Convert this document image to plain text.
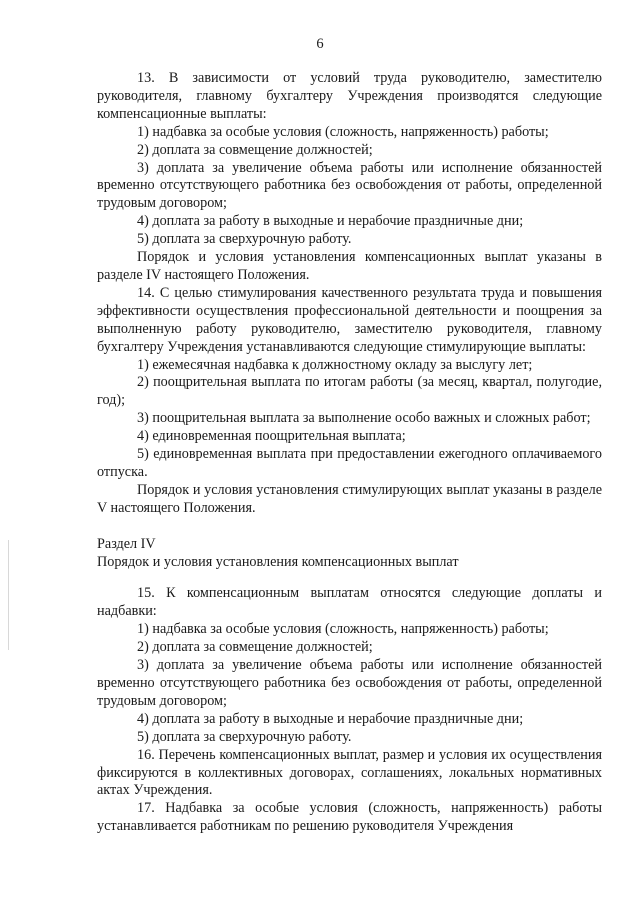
6

13. В зависимости от условий труда руководителю, заместителю руководителя, главному бухгалтеру Учреждения производятся следующие компенсационные выплаты:

1) надбавка за особые условия (сложность, напряженность) работы;

2) доплата за совмещение должностей;

3) доплата за увеличение объема работы или исполнение обязанностей временно отсутствующего работника без освобождения от работы, определенной трудовым договором;

4) доплата за работу в выходные и нерабочие праздничные дни;

5) доплата за сверхурочную работу.

Порядок и условия установления компенсационных выплат указаны в разделе IV настоящего Положения.

14. С целью стимулирования качественного результата труда и повышения эффективности осуществления профессиональной деятельности и поощрения за выполненную работу руководителю, заместителю руководителя, главному бухгалтеру Учреждения устанавливаются следующие стимулирующие выплаты:

1) ежемесячная надбавка к должностному окладу за выслугу лет;

2) поощрительная выплата по итогам работы (за месяц, квартал, полугодие, год);

3) поощрительная выплата за выполнение особо важных и сложных работ;

4) единовременная поощрительная выплата;

5) единовременная выплата при предоставлении ежегодного оплачиваемого отпуска.

Порядок и условия установления стимулирующих выплат указаны в разделе V настоящего Положения.

Раздел IV

Порядок и условия установления компенсационных выплат

15. К компенсационным выплатам относятся следующие доплаты и надбавки:

1) надбавка за особые условия (сложность, напряженность) работы;

2) доплата за совмещение должностей;

3) доплата за увеличение объема работы или исполнение обязанностей временно отсутствующего работника без освобождения от работы, определенной трудовым договором;

4) доплата за работу в выходные и нерабочие праздничные дни;

5) доплата за сверхурочную работу.

16. Перечень компенсационных выплат, размер и условия их осуществления фиксируются в коллективных договорах, соглашениях, локальных нормативных актах Учреждения.

17. Надбавка за особые условия (сложность, напряженность) работы устанавливается работникам по решению руководителя Учреждения
